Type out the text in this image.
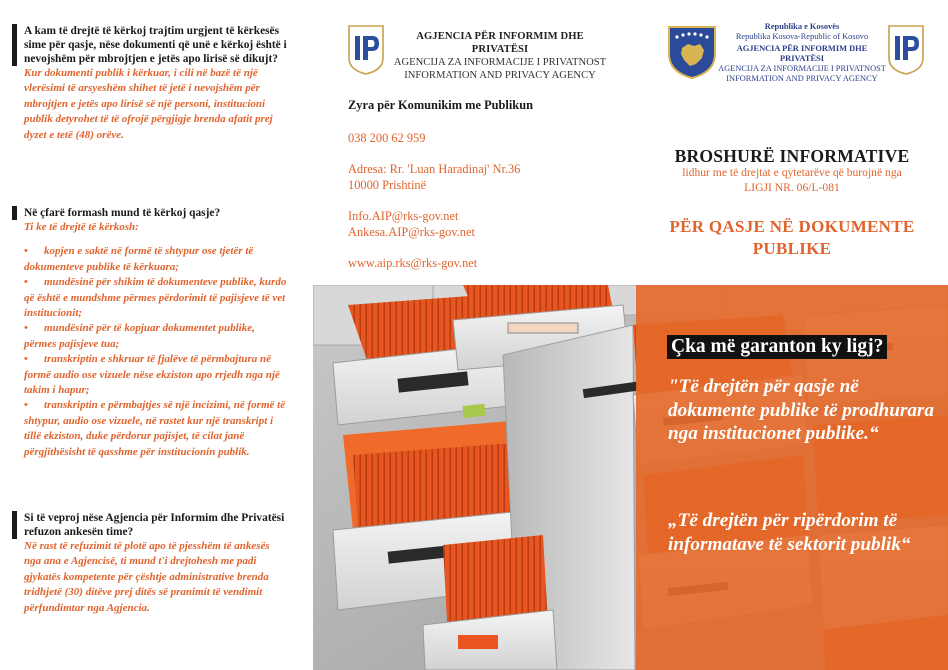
A kam të drejtë të kërkoj trajtim urgjent të kërkesës sime për qasje, nëse dokumenti që unë e kërkoj është i nevojshëm për mbrojtjen e jetës apo lirisë së dikujt?
Kur dokumenti publik i kërkuar, i cili në bazë të një vlerësimi të arsyeshëm shihet të jetë i nevojshëm për mbrojtjen e jetës apo lirisë së një personi, institucioni publik detyrohet të të ofrojë përgjigje brenda afatit prej dyzet e tetë (48) orëve.
Në çfarë formash mund të kërkoj qasje?
Ti ke të drejtë të kërkosh:
• kopjen e saktë në formë të shtypur ose tjetër të dokumenteve publike të kërkuara;
• mundësinë për shikim të dokumenteve publike, kurdo që është e mundshme përmes përdorimit të pajisjeve të vet institucionit;
• mundësinë për të kopjuar dokumentet publike, përmes pajisjeve tua;
• transkriptin e shkruar të fjalëve të përmbajtura në formë audio ose vizuele nëse ekziston apo rrjedh nga një takim i hapur;
• transkriptin e përmbajtjes së një incizimi, në formë të shtypur, audio ose vizuele, në rastet kur një transkript i tillë ekziston, duke përdorur pajisjet, të cilat janë përgjithësisht të qasshme për institucionin publik.
Si të veproj nëse Agjencia për Informim dhe Privatësi refuzon ankesën time?
Në rast të refuzimit të plotë apo të pjesshëm të ankesës nga ana e Agjencisë, ti mund t'i drejtohesh me padi gjykatës kompetente për çështje administrative brenda tridhjetë (30) ditëve prej ditës së pranimit të vendimit përfundimtar nga Agjencia.
AGJENCIA PËR INFORMIM DHE PRIVATËSI
AGENCIJA ZA INFORMACIJE I PRIVATNOST
INFORMATION AND PRIVACY AGENCY
Zyra për Komunikim me Publikun
038 200 62 959
Adresa: Rr. 'Luan Haradinaj' Nr.36
10000 Prishtinë
Info.AIP@rks-gov.net
Ankesa.AIP@rks-gov.net
www.aip.rks@rks-gov.net
Republika e Kosovës
Republika Kosova-Republic of Kosovo
AGJENCIA PËR INFORMIM DHE PRIVATËSI
AGENCIJA ZA INFORMACIJE I PRIVATNOST
INFORMATION AND PRIVACY AGENCY
BROSHURË INFORMATIVE
lidhur me të drejtat e qytetarëve që burojnë nga
LIGJI NR. 06/L-081
PËR QASJE NË DOKUMENTE
PUBLIKE
Çka më garanton ky ligj?
"Të drejtën për qasje në dokumente publike të prodhurara nga institucionet publike.“
„Të drejtën për ripërdorim të informatave të sektorit publik“
